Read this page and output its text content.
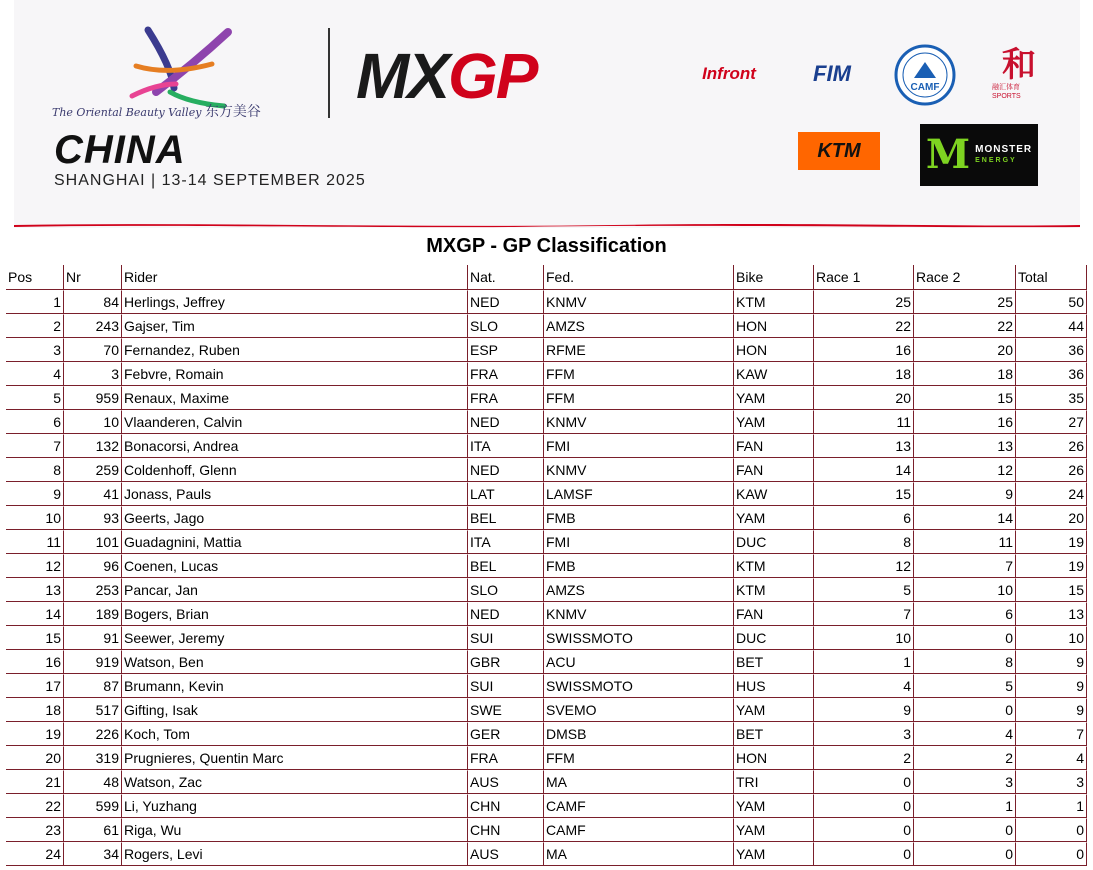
The Oriental Beauty Valley 东方美谷 MXGP
CHINA
SHANGHAI | 13-14 SEPTEMBER 2025
Infront	FIM
CAMF
和
融汇体育 SPORTS
KTM	M MONSTER
ENERGY
MXGP - GP Classification
Pos	Nr	Rider	Nat.	Fed.	Bike	Race 1	Race 2	Total
1	84	Herlings, Jeffrey	NED	KNMV	KTM	25	25	50
2	243	Gajser, Tim	SLO	AMZS	HON	22	22	44
3	70	Fernandez, Ruben	ESP	RFME	HON	16	20	36
4	3	Febvre, Romain	FRA	FFM	KAW	18	18	36
5	959	Renaux, Maxime	FRA	FFM	YAM	20	15	35
6	10	Vlaanderen, Calvin	NED	KNMV	YAM	11	16	27
7	132	Bonacorsi, Andrea	ITA	FMI	FAN	13	13	26
8	259	Coldenhoff, Glenn	NED	KNMV	FAN	14	12	26
9	41	Jonass, Pauls	LAT	LAMSF	KAW	15	9	24
10	93	Geerts, Jago	BEL	FMB	YAM	6	14	20
11	101	Guadagnini, Mattia	ITA	FMI	DUC	8	11	19
12	96	Coenen, Lucas	BEL	FMB	KTM	12	7	19
13	253	Pancar, Jan	SLO	AMZS	KTM	5	10	15
14	189	Bogers, Brian	NED	KNMV	FAN	7	6	13
15	91	Seewer, Jeremy	SUI	SWISSMOTO	DUC	10	0	10
16	919	Watson, Ben	GBR	ACU	BET	1	8	9
17	87	Brumann, Kevin	SUI	SWISSMOTO	HUS	4	5	9
18	517	Gifting, Isak	SWE	SVEMO	YAM	9	0	9
19	226	Koch, Tom	GER	DMSB	BET	3	4	7
20	319	Prugnieres, Quentin Marc	FRA	FFM	HON	2	2	4
21	48	Watson, Zac	AUS	MA	TRI	0	3	3
22	599	Li, Yuzhang	CHN	CAMF	YAM	0	1	1
23	61	Riga, Wu	CHN	CAMF	YAM	0	0	0
24	34	Rogers, Levi	AUS	MA	YAM	0	0	0
